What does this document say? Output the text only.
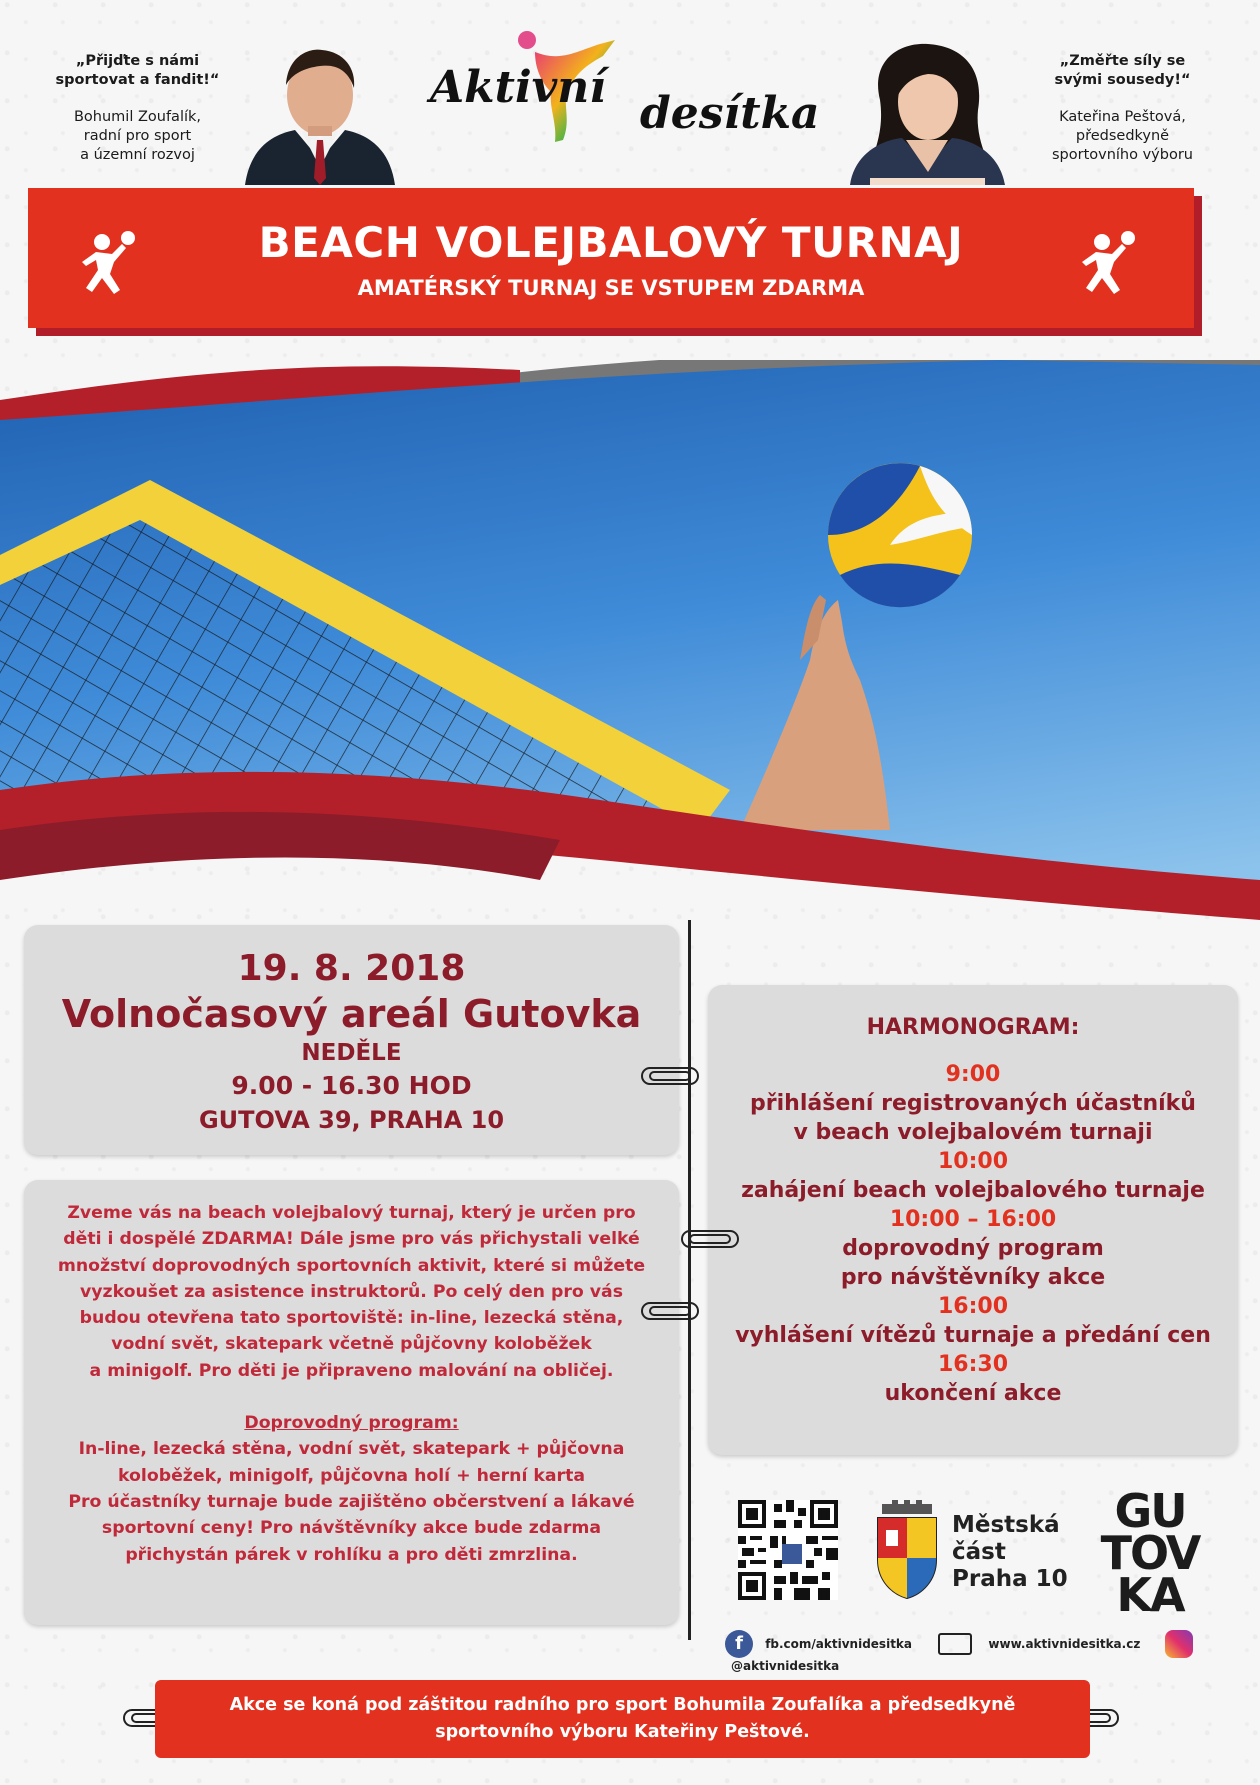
„Přijďte s námi sportovat a fandit!“
Bohumil Zoufalík,
radní pro sport
a územní rozvoj
Aktivní
desítka
„Změřte síly se svými sousedy!“
Kateřina Peštová,
předsedkyně
sportovního výboru
BEACH VOLEJBALOVÝ TURNAJ
AMATÉRSKÝ TURNAJ SE VSTUPEM ZDARMA
19. 8. 2018
Volnočasový areál Gutovka
NEDĚLE
9.00 - 16.30 HOD
GUTOVA 39, PRAHA 10
HARMONOGRAM:
9:00
přihlášení registrovaných účastníků
v beach volejbalovém turnaji
10:00
zahájení beach volejbalového turnaje
10:00 – 16:00
doprovodný program
pro návštěvníky akce
16:00
vyhlášení vítězů turnaje a předání cen
16:30
ukončení akce
Zveme vás na beach volejbalový turnaj, který je určen pro
děti i dospělé ZDARMA! Dále jsme pro vás přichystali velké
množství doprovodných sportovních aktivit, které si můžete
vyzkoušet za asistence instruktorů. Po celý den pro vás
budou otevřena tato sportoviště: in-line, lezecká stěna,
vodní svět, skatepark včetně půjčovny koloběžek
a minigolf. Pro děti je připraveno malování na obličej.
Doprovodný program:
In-line, lezecká stěna, vodní svět, skatepark + půjčovna
koloběžek, minigolf, půjčovna holí + herní karta
Pro účastníky turnaje bude zajištěno občerstvení a lákavé
sportovní ceny! Pro návštěvníky akce bude zdarma
přichystán párek v rohlíku a pro děti zmrzlina.
Městská
část
Praha 10
GU
TOV
KA
f fb.com/aktivnidesitka	www.aktivnidesitka.cz  @aktivnidesitka
Akce se koná pod záštitou radního pro sport Bohumila Zoufalíka a předsedkyně
sportovního výboru Kateřiny Peštové.
